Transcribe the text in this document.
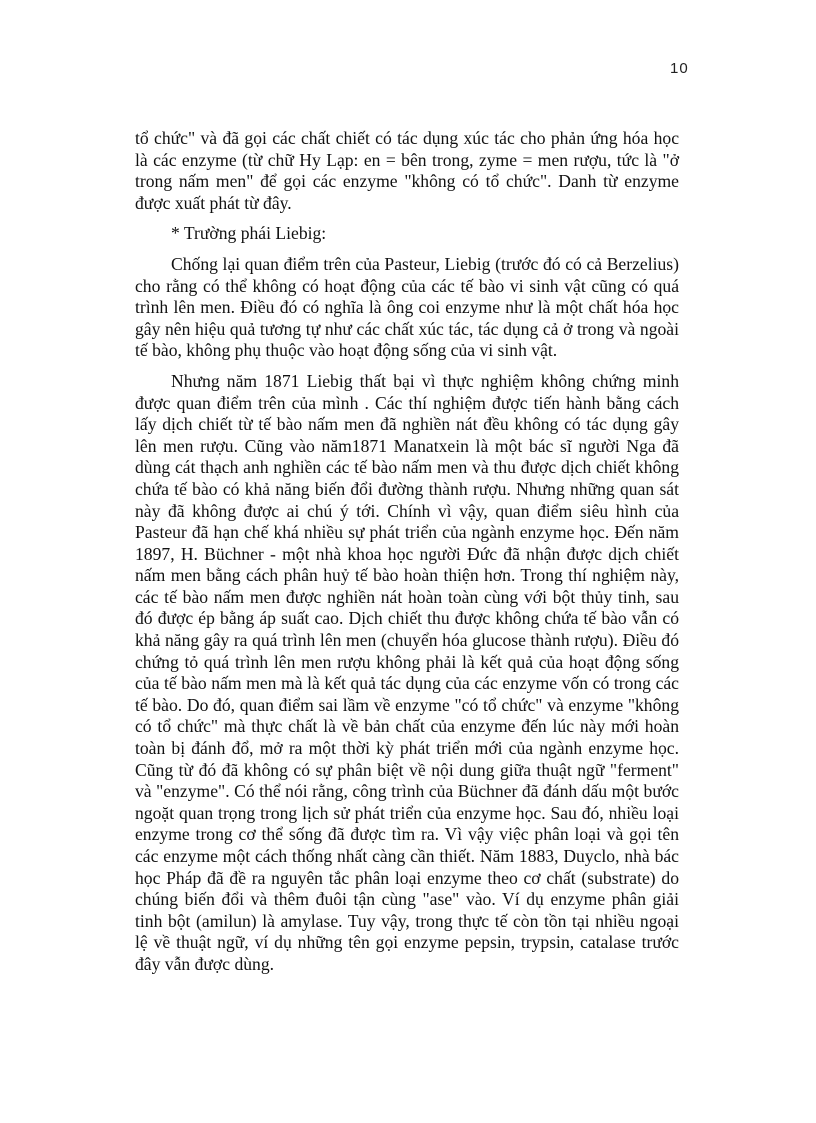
10

tổ chức" và đã gọi các chất chiết có tác dụng xúc tác cho phản ứng hóa học là các enzyme (từ chữ Hy Lạp: en = bên trong, zyme = men rượu, tức là "ở trong nấm men" để gọi các enzyme "không có tổ chức". Danh từ enzyme được xuất phát từ đây.

* Trường phái Liebig:

Chống lại quan điểm trên của Pasteur, Liebig (trước đó có cả Berzelius) cho rằng có thể không có hoạt động của các tế bào vi sinh vật cũng có quá trình lên men. Điều đó có nghĩa là ông coi enzyme như là một chất hóa học gây nên hiệu quả tương tự như các chất xúc tác, tác dụng cả ở trong và ngoài tế bào, không phụ thuộc vào hoạt động sống của vi sinh vật.

Nhưng năm 1871 Liebig thất bại vì thực nghiệm không chứng minh được quan điểm trên của mình . Các thí nghiệm được tiến hành bằng cách lấy dịch chiết từ tế bào nấm men đã nghiền nát đều không có tác dụng gây lên men rượu. Cũng vào năm1871 Manatxein là một bác sĩ người Nga đã dùng cát thạch anh nghiền các tế bào nấm men và thu được dịch chiết không chứa tế bào có khả năng biến đổi đường thành rượu. Nhưng những quan sát này đã không được ai chú ý tới. Chính vì vậy, quan điểm siêu hình của Pasteur đã hạn chế khá nhiều sự phát triển của ngành enzyme học. Đến năm 1897, H. Büchner - một nhà khoa học người Đức đã nhận được dịch chiết nấm men bằng cách phân huỷ tế bào hoàn thiện hơn. Trong thí nghiệm này, các tế bào nấm men được nghiền nát hoàn toàn cùng với bột thủy tinh, sau đó được ép bằng áp suất cao. Dịch chiết thu được không chứa tế bào vẫn có khả năng gây ra quá trình lên men (chuyển hóa glucose thành rượu). Điều đó chứng tỏ quá trình lên men rượu không phải là kết quả của hoạt động sống của tế bào nấm men mà là kết quả tác dụng của các enzyme vốn có trong các tế bào. Do đó, quan điểm sai lầm về enzyme "có tổ chức" và enzyme "không có tổ chức" mà thực chất là về bản chất của enzyme đến lúc này mới hoàn toàn bị đánh đổ, mở ra một thời kỳ phát triển mới của ngành enzyme học. Cũng từ đó đã không có sự phân biệt về nội dung giữa thuật ngữ "ferment" và "enzyme". Có thể nói rằng, công trình của Büchner đã đánh dấu một bước ngoặt quan trọng trong lịch sử phát triển của enzyme học. Sau đó, nhiều loại enzyme trong cơ thể sống đã được tìm ra. Vì vậy việc phân loại và gọi tên các enzyme một cách thống nhất càng cần thiết. Năm 1883, Duyclo, nhà bác học Pháp đã đề ra nguyên tắc phân loại enzyme theo cơ chất (substrate) do chúng biến đổi và thêm đuôi tận cùng "ase" vào. Ví dụ enzyme phân giải tinh bột (amilun) là amylase. Tuy vậy, trong thực tế còn tồn tại nhiều ngoại lệ về thuật ngữ, ví dụ những tên gọi enzyme pepsin, trypsin, catalase trước đây vẫn được dùng.
